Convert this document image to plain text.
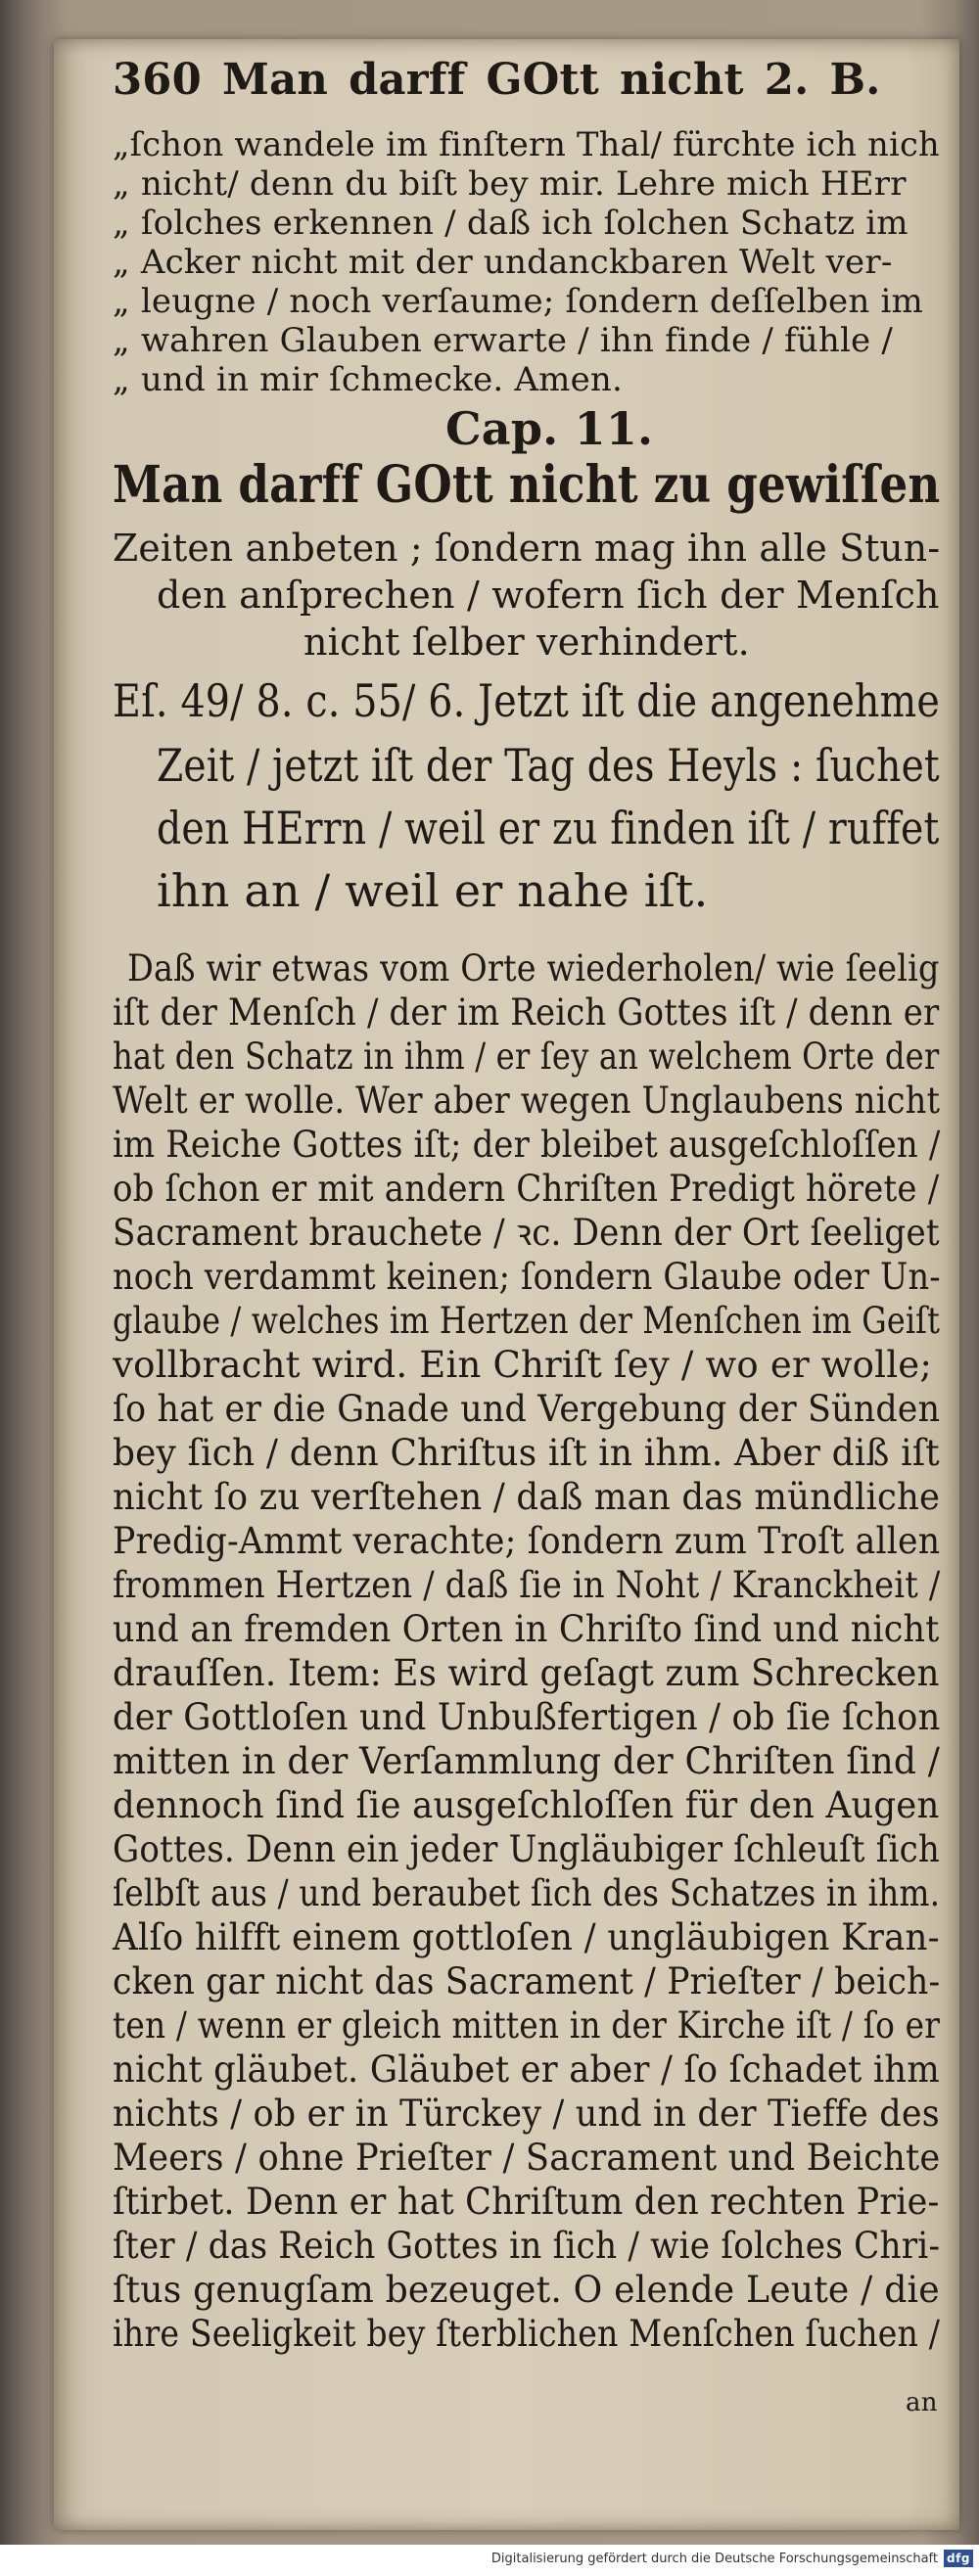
360 Man darff GOtt nicht 2. B.
„ſchon wandele im finſtern Thal/ fürchte ich nich
„ nicht/ denn du biſt bey mir. Lehre mich HErr
„ ſolches erkennen / daß ich ſolchen Schatz im
„ Acker nicht mit der undanckbaren Welt ver-
„ leugne / noch verſaume; ſondern deſſelben im
„ wahren Glauben erwarte / ihn finde / fühle /
„ und in mir ſchmecke. Amen.
Cap. 11.
Man darff GOtt nicht zu gewiſſen
Zeiten anbeten ; ſondern mag ihn alle Stun-
den anſprechen / wofern ſich der Menſch
nicht ſelber verhindert.
Eſ. 49/ 8. c. 55/ 6. Jetzt iſt die angenehme
Zeit / jetzt iſt der Tag des Heyls : ſuchet
den HErrn / weil er zu finden iſt / ruffet
ihn an / weil er nahe iſt.
Daß wir etwas vom Orte wiederholen/ wie ſeelig
iſt der Menſch / der im Reich Gottes iſt / denn er
hat den Schatz in ihm / er ſey an welchem Orte der
Welt er wolle. Wer aber wegen Unglaubens nicht
im Reiche Gottes iſt; der bleibet ausgeſchloſſen /
ob ſchon er mit andern Chriſten Predigt hörete /
Sacrament brauchete / ꝛc. Denn der Ort ſeeliget
noch verdammt keinen; ſondern Glaube oder Un-
glaube / welches im Hertzen der Menſchen im Geiſt
vollbracht wird. Ein Chriſt ſey / wo er wolle;
ſo hat er die Gnade und Vergebung der Sünden
bey ſich / denn Chriſtus iſt in ihm. Aber diß iſt
nicht ſo zu verſtehen / daß man das mündliche
Predig-Ammt verachte; ſondern zum Troſt allen
frommen Hertzen / daß ſie in Noht / Kranckheit /
und an fremden Orten in Chriſto ſind und nicht
drauſſen. Item: Es wird geſagt zum Schrecken
der Gottloſen und Unbußfertigen / ob ſie ſchon
mitten in der Verſammlung der Chriſten ſind /
dennoch ſind ſie ausgeſchloſſen für den Augen
Gottes. Denn ein jeder Ungläubiger ſchleuſt ſich
ſelbſt aus / und beraubet ſich des Schatzes in ihm.
Alſo hilfft einem gottloſen / ungläubigen Kran-
cken gar nicht das Sacrament / Prieſter / beich-
ten / wenn er gleich mitten in der Kirche iſt / ſo er
nicht gläubet. Gläubet er aber / ſo ſchadet ihm
nichts / ob er in Türckey / und in der Tieffe des
Meers / ohne Prieſter / Sacrament und Beichte
ſtirbet. Denn er hat Chriſtum den rechten Prie-
ſter / das Reich Gottes in ſich / wie ſolches Chri-
ſtus genugſam bezeuget. O elende Leute / die
ihre Seeligkeit bey ſterblichen Menſchen ſuchen /
an
Digitalisierung gefördert durch die Deutsche Forschungsgemeinschaft dfg
